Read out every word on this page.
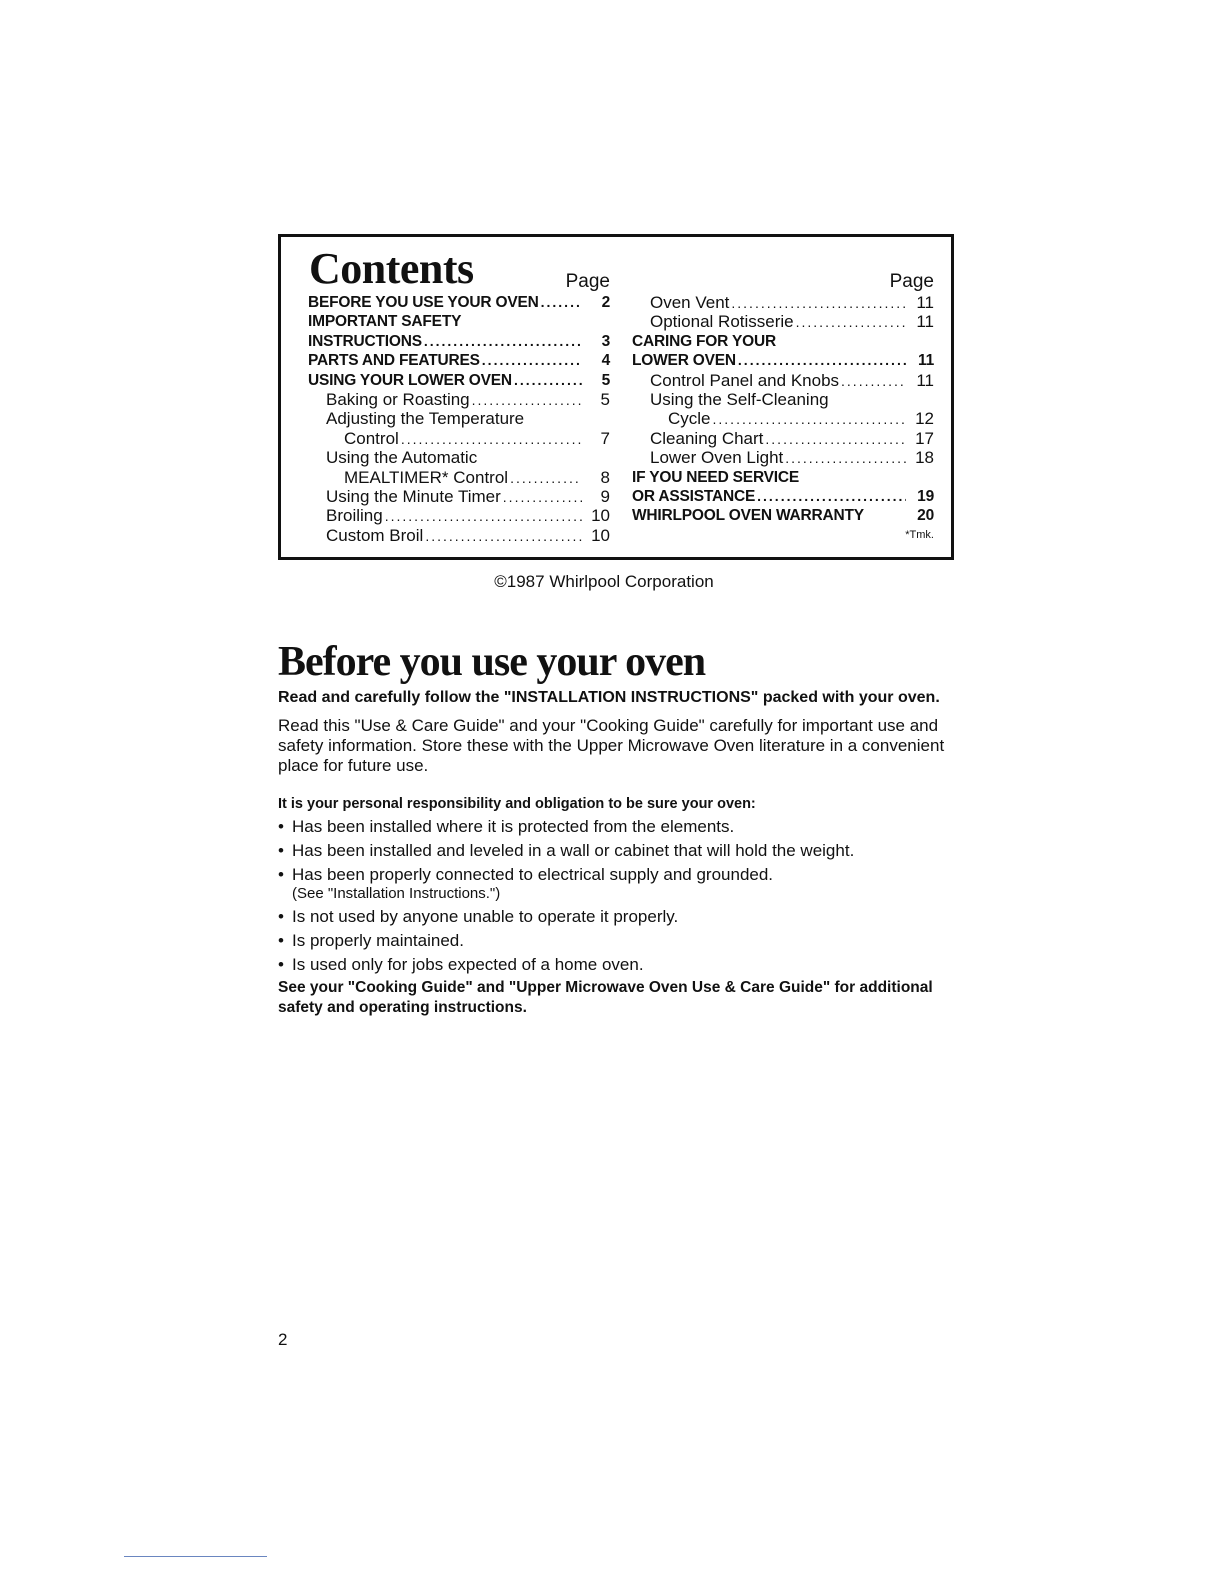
Contents	Page
BEFORE YOU USE YOUR OVEN .....	2
IMPORTANT SAFETY
INSTRUCTIONS .....	3
PARTS AND FEATURES .....	4
USING YOUR LOWER OVEN .....	5
Baking or Roasting .....	5
Adjusting the Temperature
Control .....	7
Using the Automatic
MEALTIMER* Control .....	8
Using the Minute Timer .....	9
Broiling .....	10
Custom Broil .....	10
Page
Oven Vent .....	11
Optional Rotisserie .....	11
CARING FOR YOUR
LOWER OVEN .....	11
Control Panel and Knobs .....	11
Using the Self-Cleaning
Cycle .....	12
Cleaning Chart .....	17
Lower Oven Light .....	18
IF YOU NEED SERVICE
OR ASSISTANCE .....	19
WHIRLPOOL OVEN WARRANTY	20
*Tmk.
©1987 Whirlpool Corporation
Before you use your oven

Read and carefully follow the "INSTALLATION INSTRUCTIONS" packed with your oven.

Read this "Use & Care Guide" and your "Cooking Guide" carefully for important use and safety information. Store these with the Upper Microwave Oven literature in a convenient place for future use.

It is your personal responsibility and obligation to be sure your oven:

• Has been installed where it is protected from the elements.
• Has been installed and leveled in a wall or cabinet that will hold the weight.
• Has been properly connected to electrical supply and grounded.
(See "Installation Instructions.")
• Is not used by anyone unable to operate it properly.
• Is properly maintained.
• Is used only for jobs expected of a home oven.

See your "Cooking Guide" and "Upper Microwave Oven Use & Care Guide" for additional safety and operating instructions.

2
